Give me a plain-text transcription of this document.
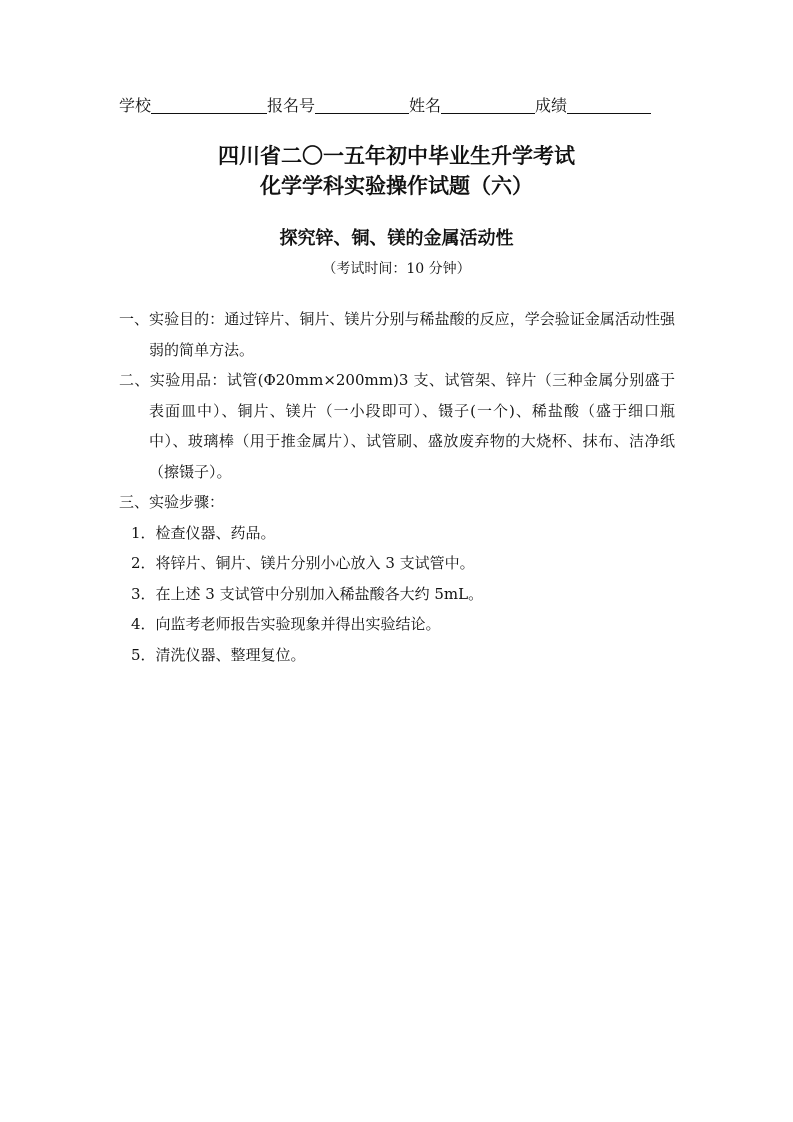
学校	报名号	姓名	成绩
四川省二〇一五年初中毕业生升学考试
化学学科实验操作试题（六）
探究锌、铜、镁的金属活动性
（考试时间：10 分钟）
一、实验目的：通过锌片、铜片、镁片分别与稀盐酸的反应，学会验证金属活动性强弱的简单方法。
二、实验用品：试管(Φ20mm×200mm)3 支、试管架、锌片（三种金属分别盛于表面皿中）、铜片、镁片（一小段即可）、镊子(一个)、稀盐酸（盛于细口瓶中）、玻璃棒（用于推金属片）、试管刷、盛放废弃物的大烧杯、抹布、洁净纸（擦镊子）。
三、实验步骤：
1．检查仪器、药品。
2．将锌片、铜片、镁片分别小心放入 3 支试管中。
3．在上述 3 支试管中分别加入稀盐酸各大约 5mL。
4．向监考老师报告实验现象并得出实验结论。
5．清洗仪器、整理复位。
